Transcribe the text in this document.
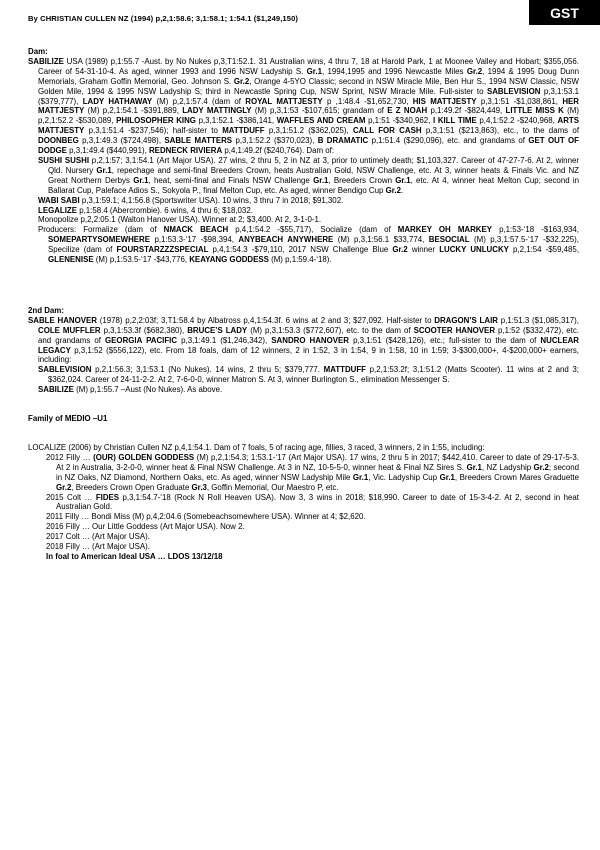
By CHRISTIAN CULLEN NZ (1994) p,2,1:58.6; 3,1:58.1; 1:54.1 ($1,249,150)	GST
Dam:
SABILIZE USA (1989) p,1:55.7 -Aust. by No Nukes p,3,T1:52.1. 31 Australian wins, 4 thru 7, 18 at Harold Park, 1 at Moonee Valley and Hobart; $355,056. Career of 54-31-10-4. As aged, winner 1993 and 1996 NSW Ladyship S. Gr.1, 1994,1995 and 1996 Newcastle Miles Gr.2, 1994 & 1995 Doug Dunn Memorials, Graham Goffin Memorial, Geo. Johnson S. Gr.2, Orange 4-5YO Classic; second in NSW Miracle Mile, Ben Hur S., 1994 NSW Classic, NSW Golden Mile, 1994 & 1995 NSW Ladyship S; third in Newcastle Spring Cup, NSW Sprint, NSW Miracle Mile. Full-sister to SABLEVISION p,3,1:53.1 ($379,777), LADY HATHAWAY (M) p,2,1:57.4 (dam of ROYAL MATTJESTY p ,1:48.4 -$1,652,730, HIS MATTJESTY p,3,1:51 -$1,038,861, HER MATTJESTY (M) p,2,1:54.1 -$391,889, LADY MATTINGLY (M) p,3,1:53 -$107,615; grandam of E Z NOAH p,1:49.2f -$824,449, LITTLE MISS K (M) p,2,1:52.2 -$530,089, PHILOSOPHER KING p,3,1:52.1 -$386,141, WAFFLES AND CREAM p,1:51 -$340,962, I KILL TIME p,4,1:52.2 -$240,968, ARTS MATTJESTY p,3,1:51.4 -$237,546); half-sister to MATTDUFF p,3,1:51.2 ($362,025), CALL FOR CASH p,3,1:51 ($213,863), etc., to the dams of DOONBEG p,3,1:49.3 ($724,498), SABLE MATTERS p,3,1:52.2 ($370,023), B DRAMATIC p,1:51.4 ($290,096), etc. and grandams of GET OUT OF DODGE p,3,1:49.4 ($440,991), REDNECK RIVIERA p,4,1:49.2f ($240,764). Dam of:
SUSHI SUSHI p,2,1:57; 3,1:54.1 (Art Major USA). 27 wins, 2 thru 5, 2 in NZ at 3, prior to untimely death; $1,103,327. Career of 47-27-7-6. At 2, winner Qld. Nursery Gr.1, repechage and semi-final Breeders Crown, heats Australian Gold, NSW Challenge, etc. At 3, winner heats & Finals Vic. and NZ Great Northern Derbys Gr.1, heat, semi-final and Finals NSW Challenge Gr.1, Breeders Crown Gr.1, etc. At 4, winner heat Melton Cup; second in Ballarat Cup, Paleface Adios S., Sokyola P., final Melton Cup, etc. As aged, winner Bendigo Cup Gr.2.
WABI SABI p,3,1:59.1; 4,1:56.8 (Sportswriter USA). 10 wins, 3 thru 7 in 2018; $91,302.
LEGALIZE p,1:58.4 (Abercrombie). 6 wins, 4 thru 6; $18,032.
Monopolize p,2,2:05.1 (Walton Hanover USA). Winner at 2; $3,400. At 2, 3-1-0-1.
Producers: Formalize (dam of NMACK BEACH p,4,1:54.2 -$55,717), Socialize (dam of MARKEY OH MARKEY p,1:53-‘18 -$163,934, SOMEPARTYSOMEWHERE p,1:53.3-‘17 -$98,394, ANYBEACH ANYWHERE (M) p,3,1:56.1 $33,774, BESOCIAL (M) p,3,1:57.5-‘17 -$32,225), Specilize (dam of FOURSTARZZZSPECIAL p,4,1:54.3 -$79,110, 2017 NSW Challenge Blue Gr.2 winner LUCKY UNLUCKY p,2,1:54 -$59,485, GLENENISE (M) p,1:53.5-‘17 -$43,776, KEAYANG GODDESS (M) p,1:59.4-‘18).
2nd Dam:
SABLE HANOVER (1978) p,2,2:03f; 3,T1:58.4 by Albatross p,4,1:54.3f. 6 wins at 2 and 3; $27,092. Half-sister to DRAGON’S LAIR p,1:51.3 ($1,085,317), COLE MUFFLER p,3,1:53.3f ($682,380), BRUCE’S LADY (M) p,3,1:53.3 ($772,607), etc. to the dam of SCOOTER HANOVER p,1:52 ($332,472), etc. and grandams of GEORGIA PACIFIC p,3,1:49.1 ($1,246,342), SANDRO HANOVER p,3,1:51 ($428,126), etc.; full-sister to the dam of NUCLEAR LEGACY p,3,1:52 ($556,122), etc. From 18 foals, dam of 12 winners, 2 in 1:52, 3 in 1:54, 9 in 1:58, 10 in 1:59; 3-$300,000+, 4-$200,000+ earners, including:
SABLEVISION p,2,1:56.3; 3,1:53.1 (No Nukes). 14 wins, 2 thru 5; $379,777. MATTDUFF p,2,1:53.2f; 3,1:51.2 (Matts Scooter). 11 wins at 2 and 3; $362,024. Career of 24-11-2-2. At 2, 7-6-0-0, winner Matron S. At 3, winner Burlington S., elimination Messenger S.
SABILIZE (M) p,1:55.7 –Aust (No Nukes). As above.
Family of MEDIO –U1
LOCALIZE (2006) by Christian Cullen NZ p,4,1:54.1. Dam of 7 foals, 5 of racing age, fillies, 3 raced, 3 winners, 2 in 1:55, including:
2012 Filly … (OUR) GOLDEN GODDESS (M) p,2,1:54.3; 1:53.1-‘17 (Art Major USA). 17 wins, 2 thru 5 in 2017; $442,410. Career to date of 29-17-5-3. At 2 in Australia, 3-2-0-0, winner heat & Final NSW Challenge. At 3 in NZ, 10-5-5-0, winner heat & Final NZ Sires S. Gr.1, NZ Ladyship Gr.2; second in NZ Oaks, NZ Diamond, Northern Oaks, etc. As aged, winner NSW Ladyship Mile Gr.1, Vic. Ladyship Cup Gr.1, Breeders Crown Mares Graduette Gr.2, Breeders Crown Open Graduate Gr.3, Goffin Memorial, Our Maestro P, etc.
2015 Colt … FIDES p,3,1:54.7-‘18 (Rock N Roll Heaven USA). Now 3, 3 wins in 2018; $18,990. Career to date of 15-3-4-2. At 2, second in heat Australian Gold.
2011 Filly … Bondi Miss (M) p,4,2:04.6 (Somebeachsomewhere USA). Winner at 4; $2,620.
2016 Filly … Our Little Goddess (Art Major USA). Now 2.
2017 Colt … (Art Major USA).
2018 Filly … (Art Major USA).
In foal to American Ideal USA … LDOS 13/12/18
